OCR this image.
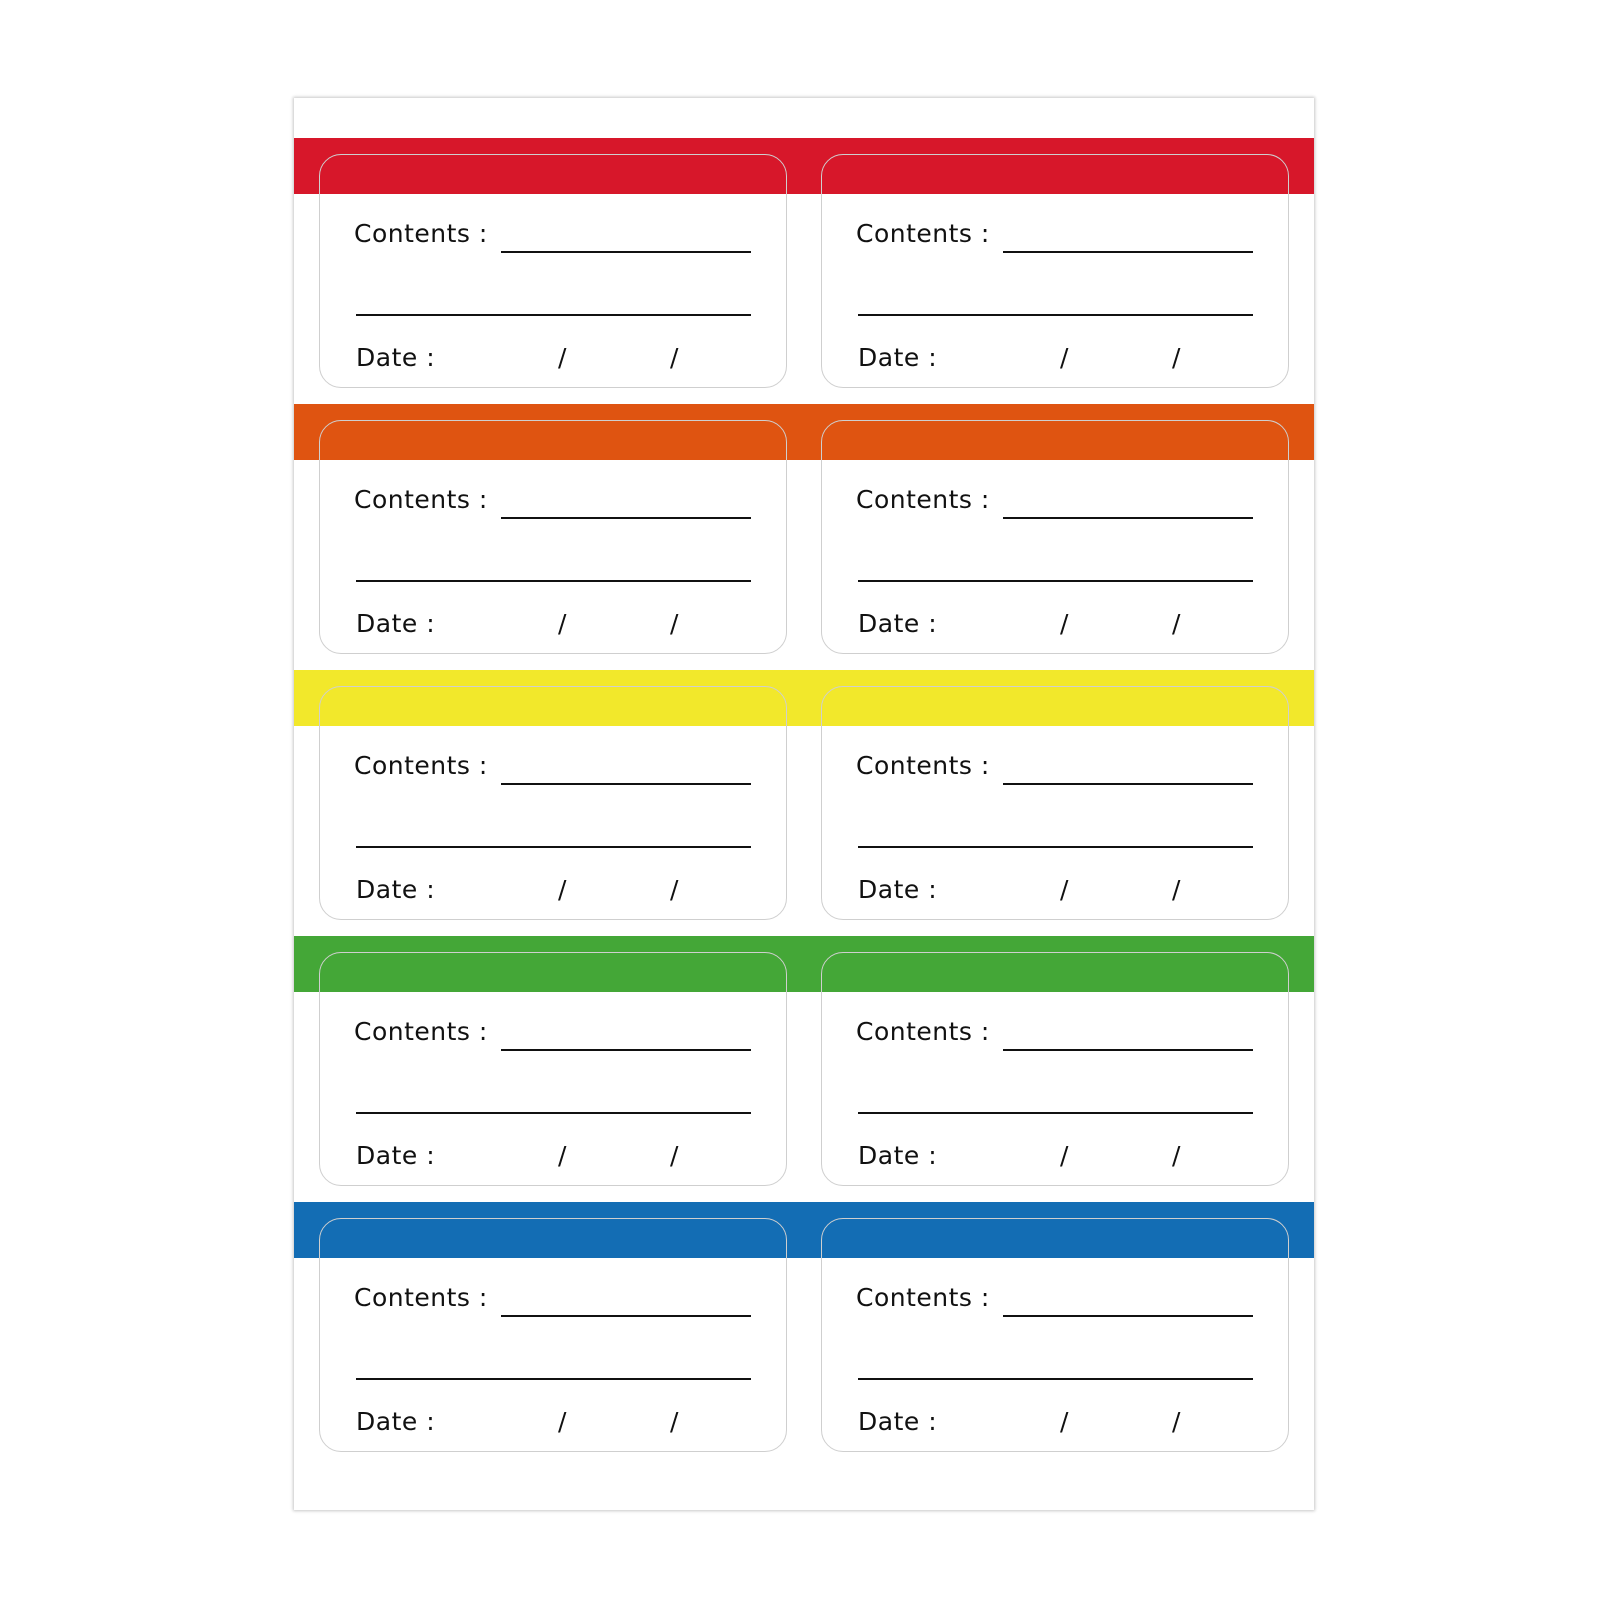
Contents :
Date :	/	/
Contents :
Date :	/	/
Contents :
Date :	/	/
Contents :
Date :	/	/
Contents :
Date :	/	/
Contents :
Date :	/	/
Contents :
Date :	/	/
Contents :
Date :	/	/
Contents :
Date :	/	/
Contents :
Date :	/	/
